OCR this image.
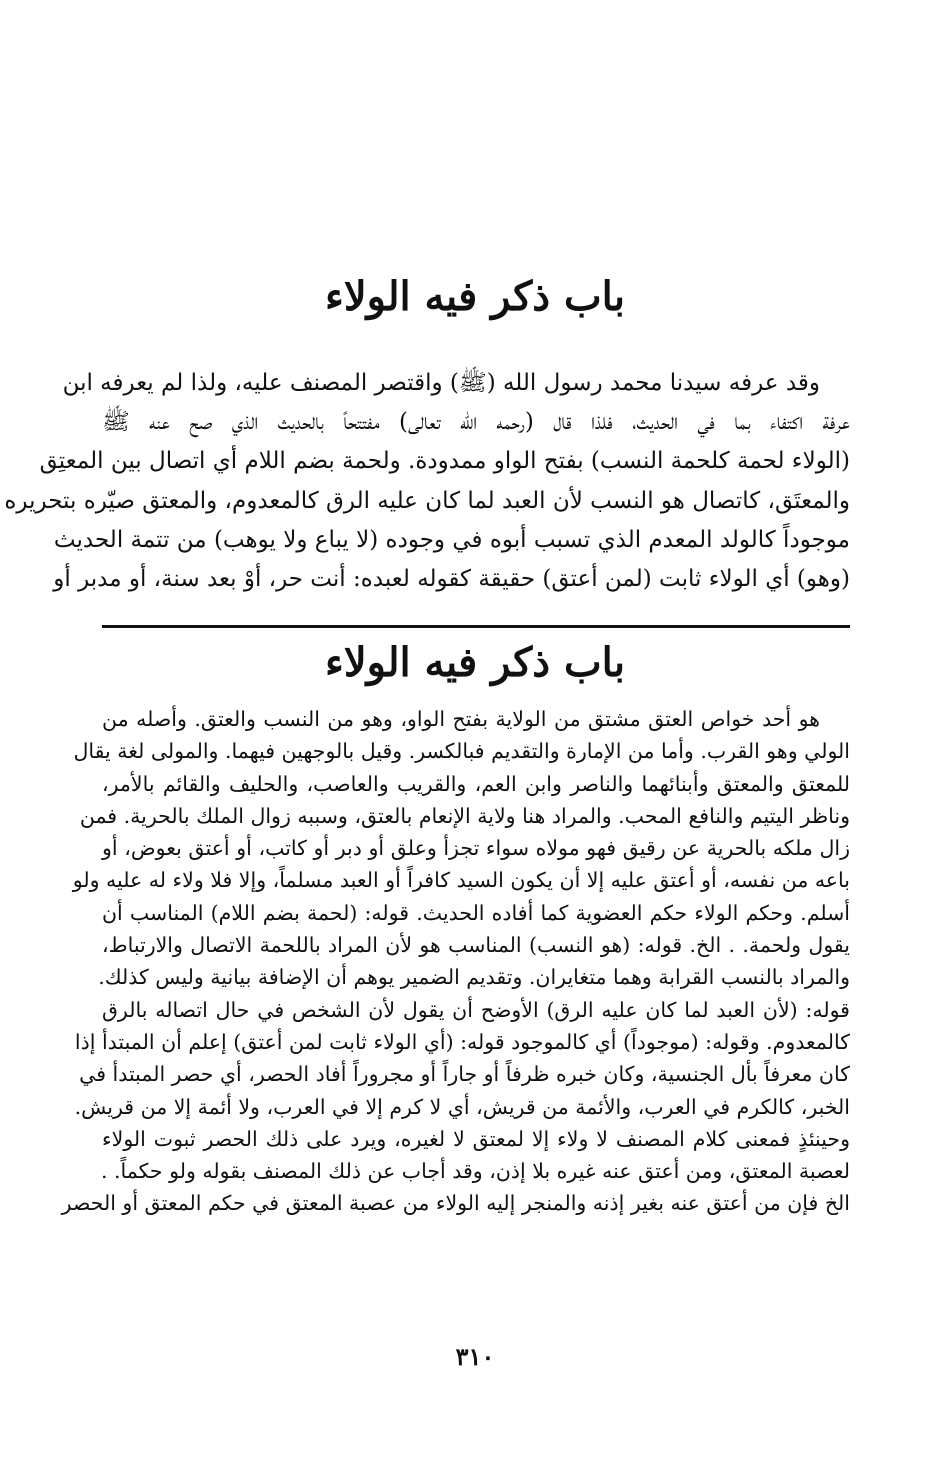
باب ذكر فيه الولاء
وقد عرفه سيدنا محمد رسول الله (ﷺ) واقتصر المصنف عليه، ولذا لم يعرفه ابن
عرفة اكتفاء بما في الحديث، فلذا قال (رحمه الله تعالى) مفتتحاً بالحديث الذي صح عنه ﷺ
(الولاء لحمة كلحمة النسب) بفتح الواو ممدودة. ولحمة بضم اللام أي اتصال بين المعتِق
والمعتَق، كاتصال هو النسب لأن العبد لما كان عليه الرق كالمعدوم، والمعتق صيّره بتحريره
موجوداً كالولد المعدم الذي تسبب أبوه في وجوده (لا يباع ولا يوهب) من تتمة الحديث
(وهو) أي الولاء ثابت (لمن أعتق) حقيقة كقوله لعبده: أنت حر، أوْ بعد سنة، أو مدبر أو
باب ذكر فيه الولاء
هو أحد خواص العتق مشتق من الولاية بفتح الواو، وهو من النسب والعتق. وأصله من
الولي وهو القرب. وأما من الإمارة والتقديم فبالكسر. وقيل بالوجهين فيهما. والمولى لغة يقال
للمعتق والمعتق وأبنائهما والناصر وابن العم، والقريب والعاصب، والحليف والقائم بالأمر،
وناظر اليتيم والنافع المحب. والمراد هنا ولاية الإنعام بالعتق، وسببه زوال الملك بالحرية. فمن
زال ملكه بالحرية عن رقيق فهو مولاه سواء تجزأ وعلق أو دبر أو كاتب، أو أعتق بعوض، أو
باعه من نفسه، أو أعتق عليه إلا أن يكون السيد كافراً أو العبد مسلماً، وإلا فلا ولاء له عليه ولو
أسلم. وحكم الولاء حكم العضوية كما أفاده الحديث. قوله: (لحمة بضم اللام) المناسب أن
يقول ولحمة. . الخ. قوله: (هو النسب) المناسب هو لأن المراد باللحمة الاتصال والارتباط،
والمراد بالنسب القرابة وهما متغايران. وتقديم الضمير يوهم أن الإضافة بيانية وليس كذلك.
قوله: (لأن العبد لما كان عليه الرق) الأوضح أن يقول لأن الشخص في حال اتصاله بالرق
كالمعدوم. وقوله: (موجوداً) أي كالموجود قوله: (أي الولاء ثابت لمن أعتق) إعلم أن المبتدأ إذا
كان معرفاً بأل الجنسية، وكان خبره ظرفاً أو جاراً أو مجروراً أفاد الحصر، أي حصر المبتدأ في
الخبر، كالكرم في العرب، والأئمة من قريش، أي لا كرم إلا في العرب، ولا أئمة إلا من قريش.
وحينئذٍ فمعنى كلام المصنف لا ولاء إلا لمعتق لا لغيره، ويرد على ذلك الحصر ثبوت الولاء
لعصبة المعتق، ومن أعتق عنه غيره بلا إذن، وقد أجاب عن ذلك المصنف بقوله ولو حكماً. .
الخ فإن من أعتق عنه بغير إذنه والمنجر إليه الولاء من عصبة المعتق في حكم المعتق أو الحصر
٣١٠
